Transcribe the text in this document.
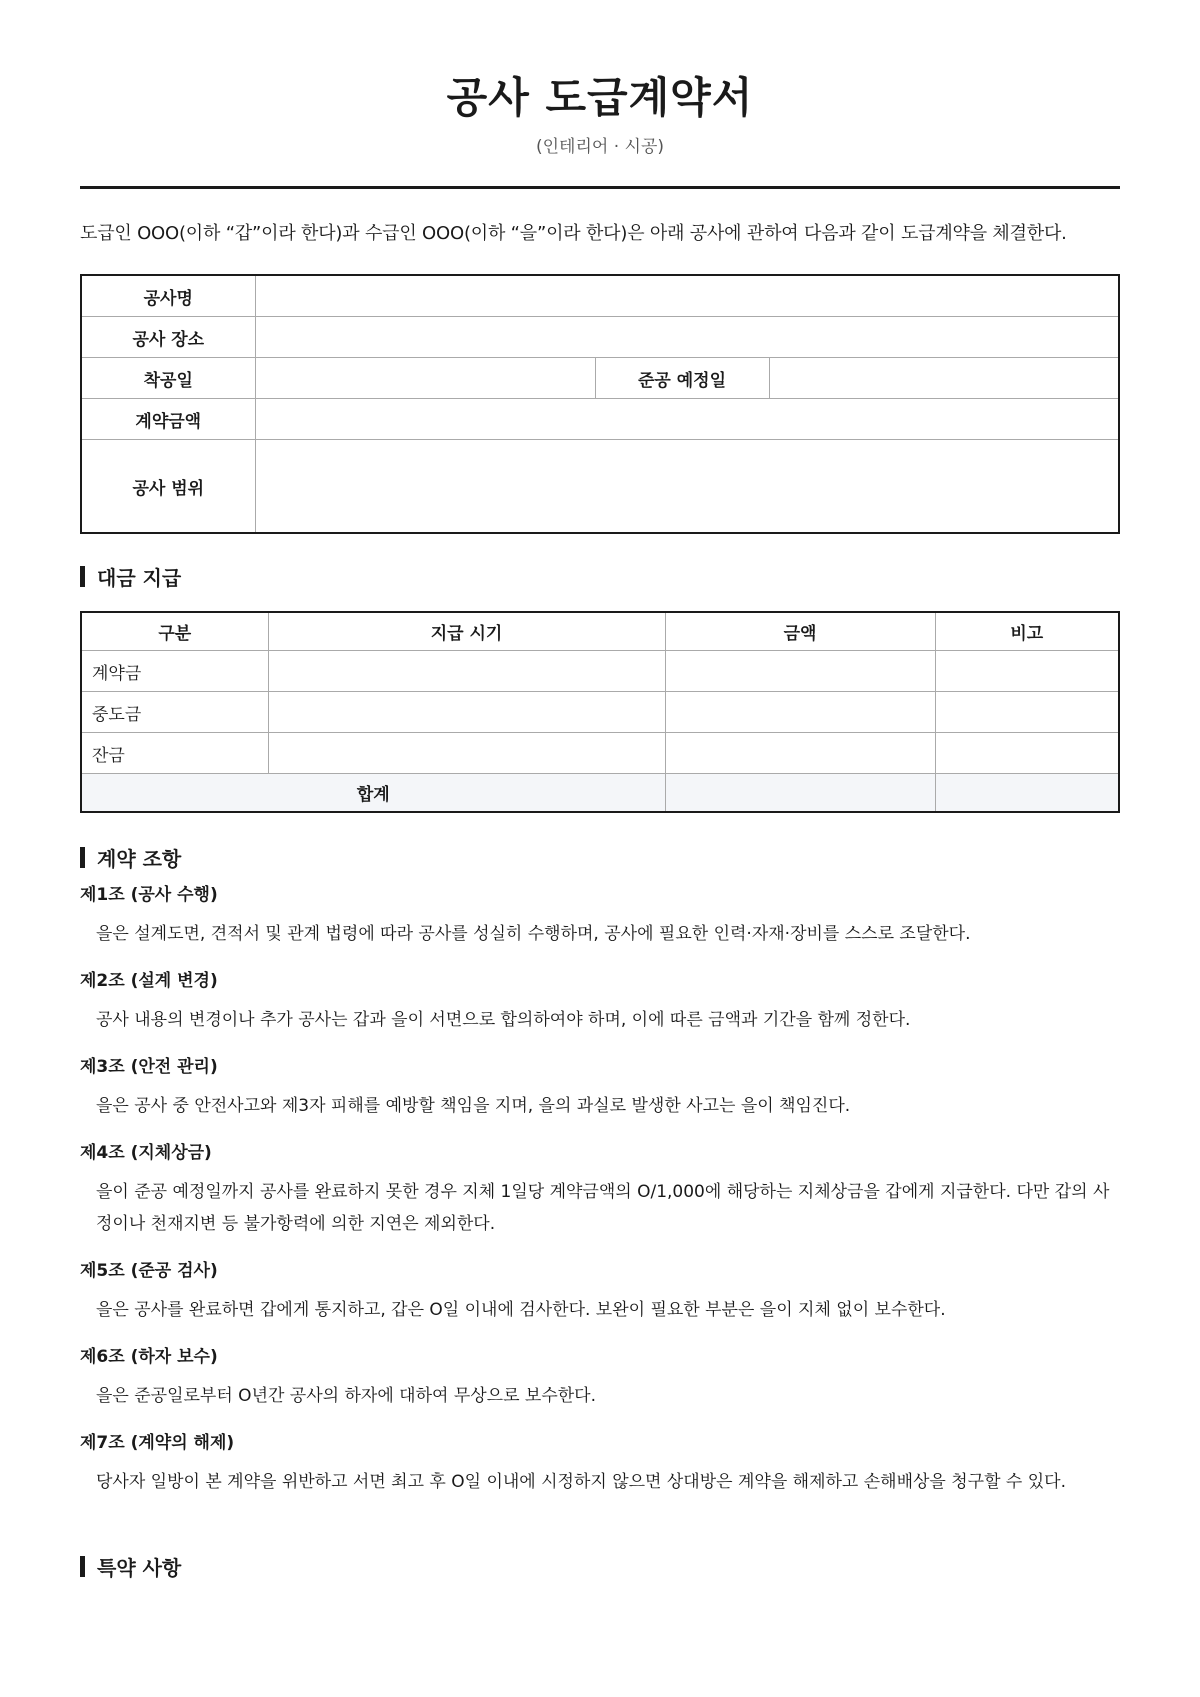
공사 도급계약서
(인테리어 · 시공)
도급인 OOO(이하 “갑”이라 한다)과 수급인 OOO(이하 “을”이라 한다)은 아래 공사에 관하여 다음과 같이 도급계약을 체결한다.
공사명			
공사 장소			
착공일		준공 예정일	
계약금액			
공사 범위			
대금 지급
구분	지급 시기	금액	비고
계약금			
중도금			
잔금			
합계			
계약 조항
제1조 (공사 수행)
을은 설계도면, 견적서 및 관계 법령에 따라 공사를 성실히 수행하며, 공사에 필요한 인력·자재·장비를 스스로 조달한다.
제2조 (설계 변경)
공사 내용의 변경이나 추가 공사는 갑과 을이 서면으로 합의하여야 하며, 이에 따른 금액과 기간을 함께 정한다.
제3조 (안전 관리)
을은 공사 중 안전사고와 제3자 피해를 예방할 책임을 지며, 을의 과실로 발생한 사고는 을이 책임진다.
제4조 (지체상금)
을이 준공 예정일까지 공사를 완료하지 못한 경우 지체 1일당 계약금액의 O/1,000에 해당하는 지체상금을 갑에게 지급한다. 다만 갑의 사정이나 천재지변 등 불가항력에 의한 지연은 제외한다.
제5조 (준공 검사)
을은 공사를 완료하면 갑에게 통지하고, 갑은 O일 이내에 검사한다. 보완이 필요한 부분은 을이 지체 없이 보수한다.
제6조 (하자 보수)
을은 준공일로부터 O년간 공사의 하자에 대하여 무상으로 보수한다.
제7조 (계약의 해제)
당사자 일방이 본 계약을 위반하고 서면 최고 후 O일 이내에 시정하지 않으면 상대방은 계약을 해제하고 손해배상을 청구할 수 있다.
특약 사항
